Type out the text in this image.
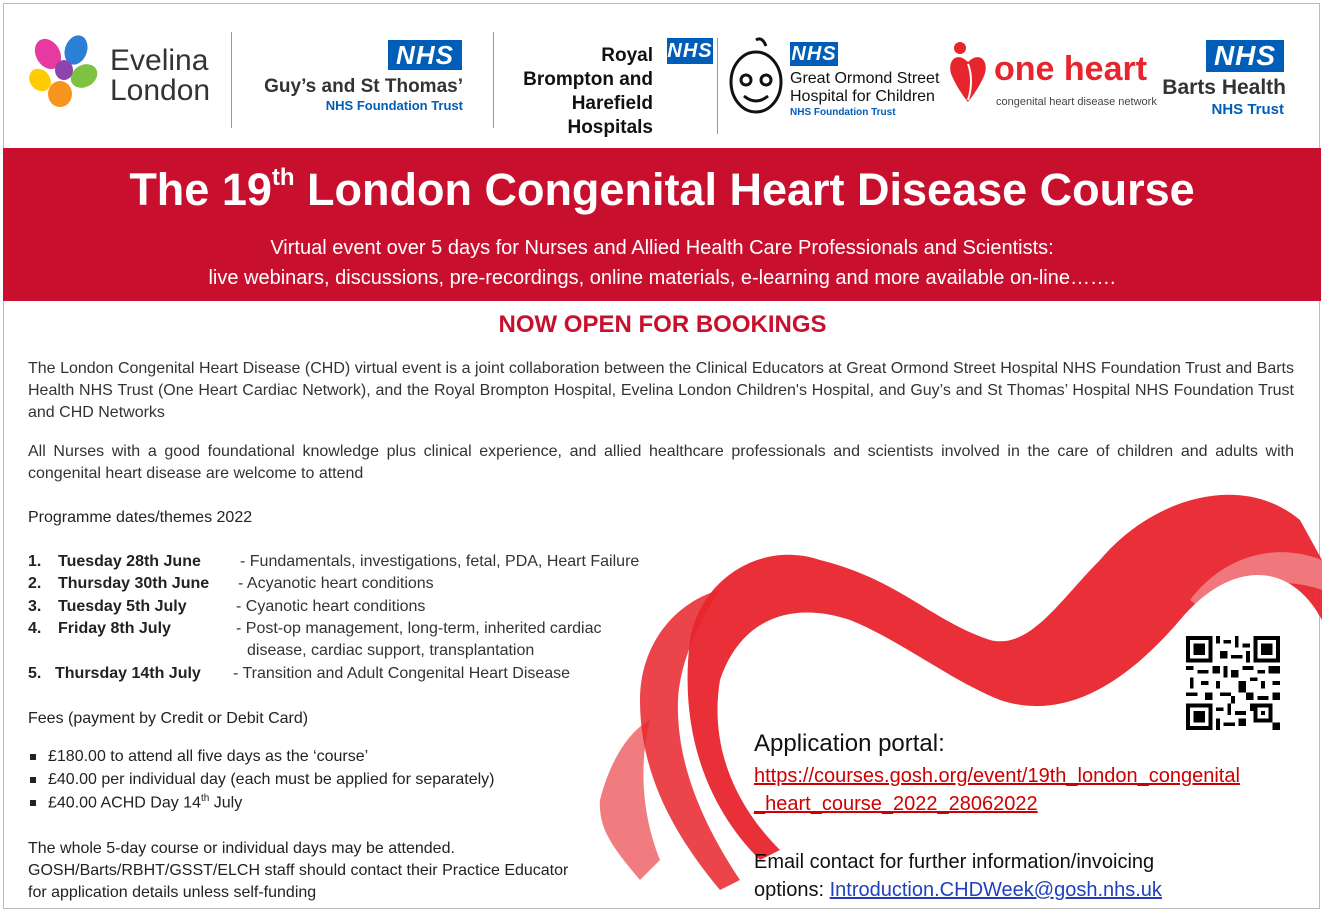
Evelina
London
NHS
Guy’s and St Thomas’
NHS Foundation Trust
Royal
Brompton and
Harefield
Hospitals
NHS	NHS
Great Ormond Street
Hospital for Children
NHS Foundation Trust
one heart
congenital heart disease network
NHS
Barts Health
NHS Trust
The 19th London Congenital Heart Disease Course
Virtual event over 5 days for Nurses and Allied Health Care Professionals and Scientists:
live webinars, discussions, pre-recordings, online materials, e-learning and more available on-line…….
NOW OPEN FOR BOOKINGS
The London Congenital Heart Disease (CHD) virtual event is a joint collaboration between the Clinical Educators at Great Ormond Street Hospital NHS Foundation Trust and Barts Health NHS Trust (One Heart Cardiac Network), and the Royal Brompton Hospital, Evelina London Children's Hospital, and Guy’s and St Thomas’ Hospital NHS Foundation Trust and CHD Networks
All Nurses with a good foundational knowledge plus clinical experience, and allied healthcare professionals and scientists involved in the care of children and adults with congenital heart disease are welcome to attend
Programme dates/themes 2022
1. Tuesday 28th June - Fundamentals, investigations, fetal, PDA, Heart Failure
2. Thursday 30th June - Acyanotic heart conditions
3. Tuesday 5th July	- Cyanotic heart conditions
4. Friday 8th July	- Post-op management, long-term, inherited cardiac
disease, cardiac support, transplantation
5. Thursday 14th July - Transition and Adult Congenital Heart Disease
Fees (payment by Credit or Debit Card)
£180.00 to attend all five days as the ‘course’
£40.00 per individual day (each must be applied for separately)
£40.00 ACHD Day 14th July
The whole 5-day course or individual days may be attended.
GOSH/Barts/RBHT/GSST/ELCH staff should contact their Practice Educator
for application details unless self-funding
Application portal:
https://courses.gosh.org/event/19th_london_congenital
_heart_course_2022_28062022
Email contact for further information/invoicing
options: Introduction.CHDWeek@gosh.nhs.uk
